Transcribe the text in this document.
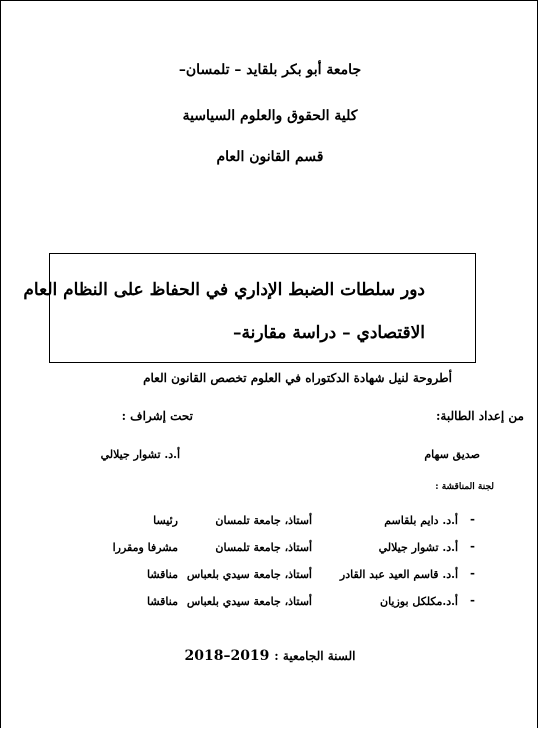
جامعة أبو بكر بلقايد – تلمسان–
كلية الحقوق والعلوم السياسية
قسم القانون العام
دور سلطات الضبط الإداري في الحفاظ على النظام العام
الاقتصادي – دراسة مقارنة–
أطروحة لنيل شهادة الدكتوراه في العلوم تخصص القانون العام
من إعداد الطالبة:
تحت إشراف :
صديق سهام
أ.د. تشوار جيلالي
لجنة المناقشة :
-
أ.د. دايم بلقاسم
أستاذ، جامعة تلمسان
رئيسا
-
أ.د. تشوار جيلالي
أستاذ، جامعة تلمسان
مشرفا ومقررا
-
أ.د. قاسم العيد عبد القادر
أستاذ، جامعة سيدي بلعباس
مناقشا
-
أ.د.مكلكل بوزيان
أستاذ، جامعة سيدي بلعباس
مناقشا
السنة الجامعية : 2018–2019
